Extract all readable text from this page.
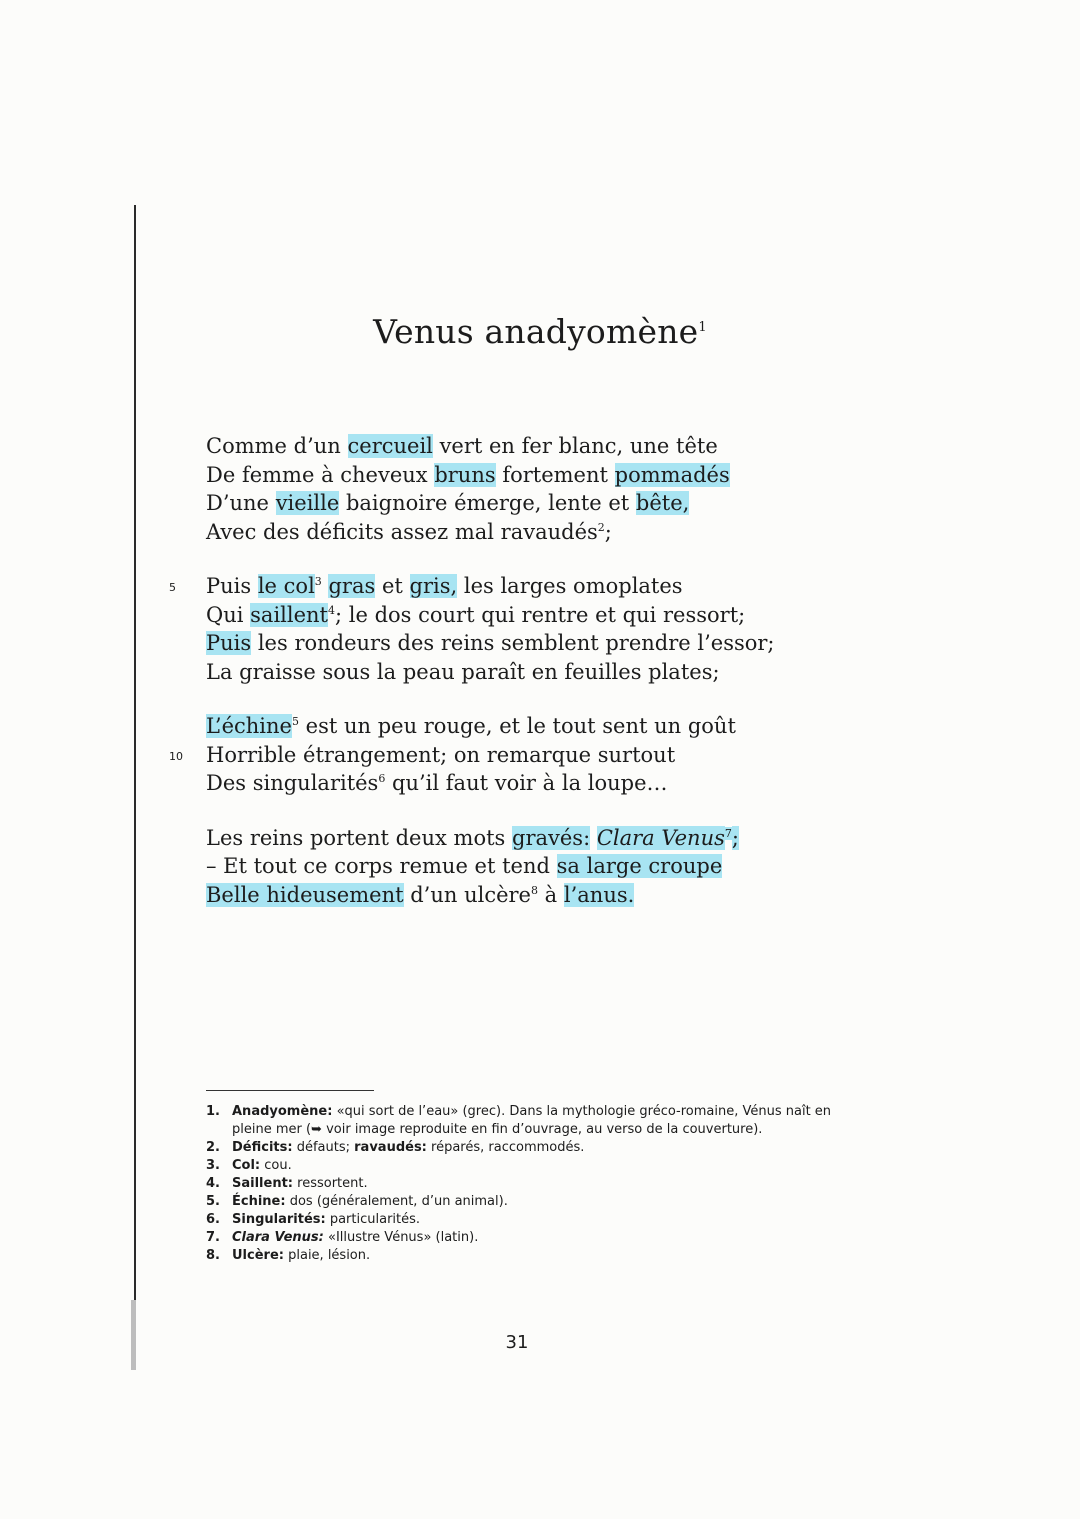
Venus anadyomène$^1$
Comme d’un cercueil vert en fer blanc, une tête
De femme à cheveux bruns fortement pommadés
D’une vieille baignoire émerge, lente et bête,
Avec des déficits assez mal ravaudés$^2$;
5 Puis le col$^3$ gras et gris, les larges omoplates
Qui saillent$^4$; le dos court qui rentre et qui ressort;
Puis les rondeurs des reins semblent prendre l’essor;
La graisse sous la peau paraît en feuilles plates;
L’échine$^5$ est un peu rouge, et le tout sent un goût
10 Horrible étrangement; on remarque surtout
Des singularités$^6$ qu’il faut voir à la loupe…
Les reins portent deux mots gravés: Clara Venus$^7$;
– Et tout ce corps remue et tend sa large croupe
Belle hideusement d’un ulcère$^8$ à l’anus.
1. Anadyomène: «qui sort de l’eau» (grec). Dans la mythologie gréco-romaine, Vénus naît en pleine mer (➥ voir image reproduite en fin d’ouvrage, au verso de la couverture).
2. Déficits: défauts; ravaudés: réparés, raccommodés.
3. Col: cou.
4. Saillent: ressortent.
5. Échine: dos (généralement, d’un animal).
6. Singularités: particularités.
7. Clara Venus: «Illustre Vénus» (latin).
8. Ulcère: plaie, lésion.
31
